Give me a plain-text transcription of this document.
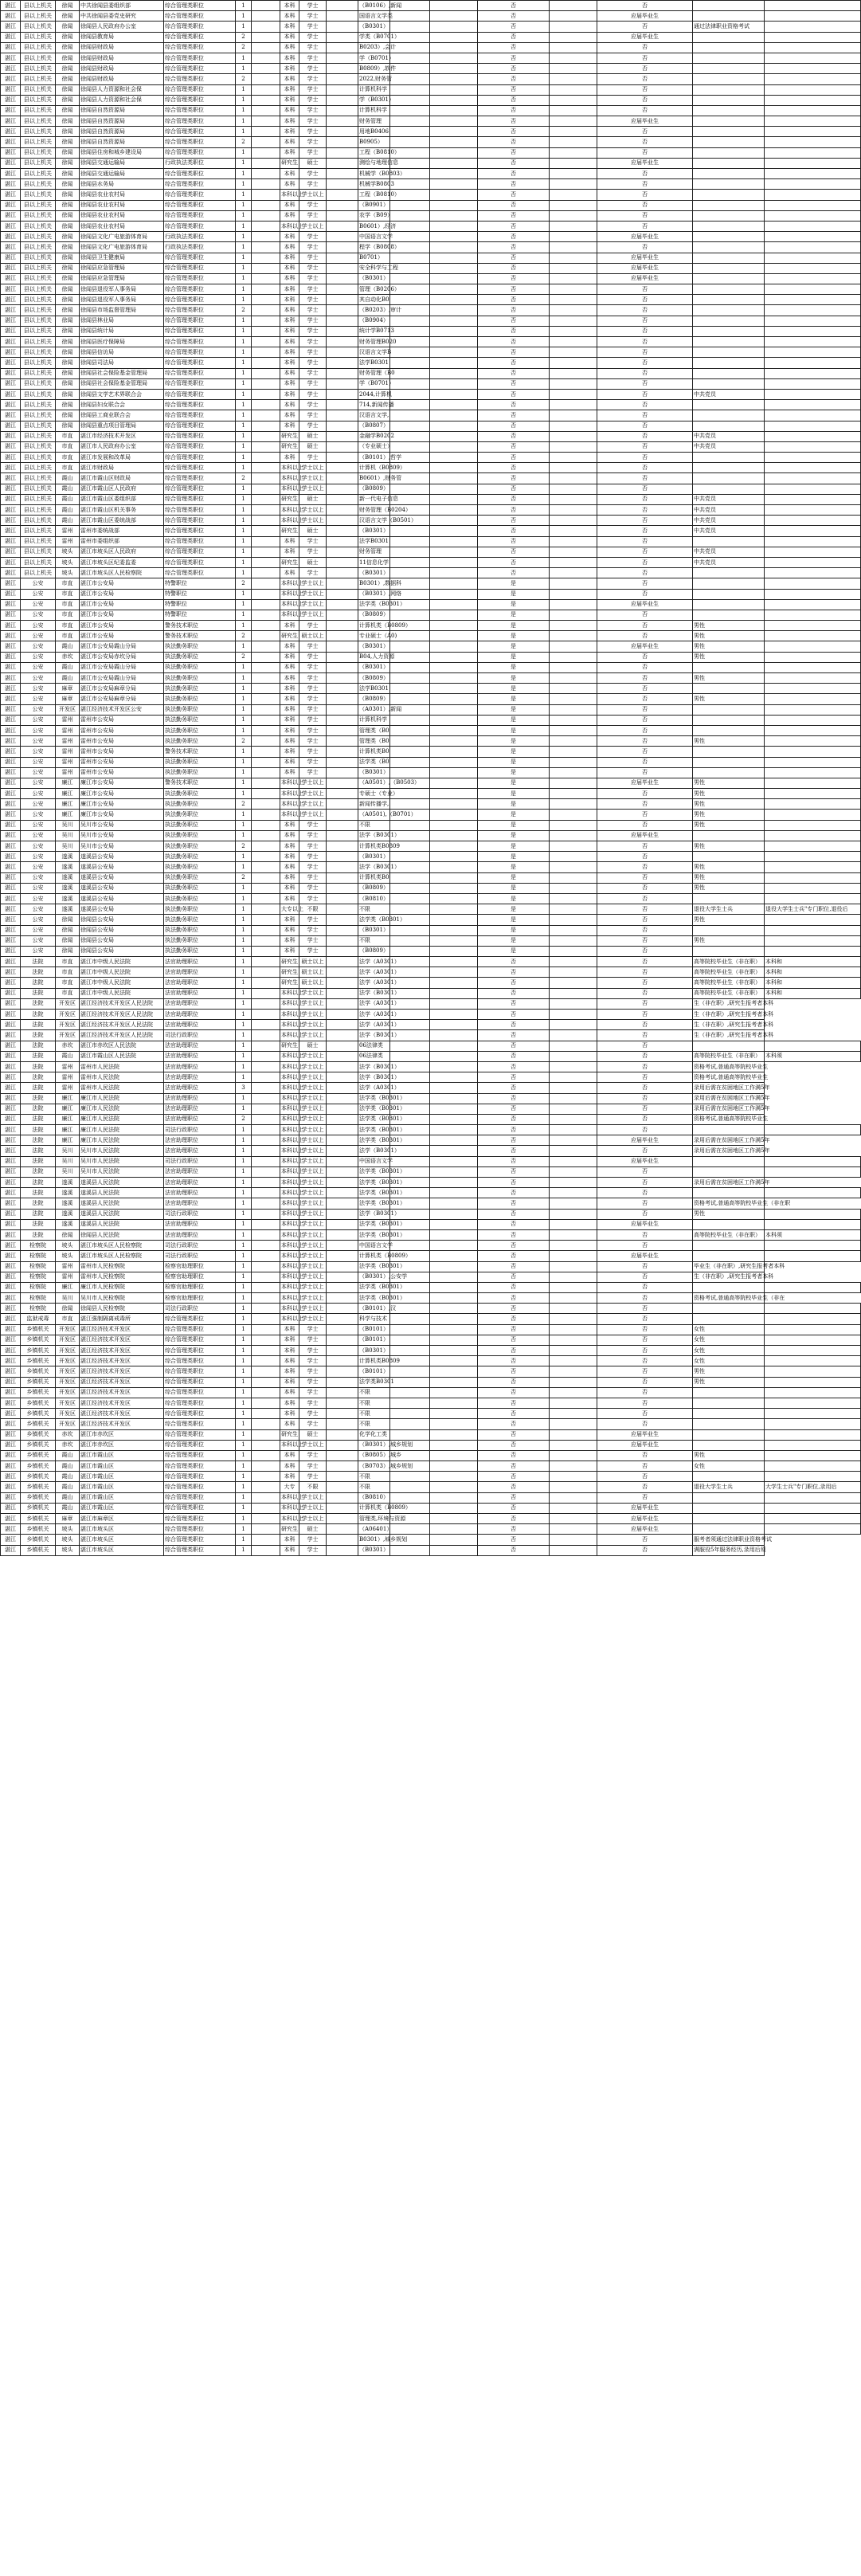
湛江	县以上机关	徐闻	中共徐闻县委组织部	综合管理类职位	1		本科	学士		（B0106）,新闻			否		否		
湛江	县以上机关	徐闻	中共徐闻县委党史研究	综合管理类职位	1		本科	学士		国语言文学类			否		应届毕业生		
湛江	县以上机关	徐闻	徐闻县人民政府办公室	综合管理类职位	1		本科	学士		（B0301）			否		否	通过法律职业资格考试	
湛江	县以上机关	徐闻	徐闻县教育局	综合管理类职位	2		本科	学士		学类（B0701）			否		应届毕业生		
湛江	县以上机关	徐闻	徐闻县财政局	综合管理类职位	2		本科	学士		B0203）,会计			否		否		
湛江	县以上机关	徐闻	徐闻县财政局	综合管理类职位	1		本科	学士		学（B0701）			否		否		
湛江	县以上机关	徐闻	徐闻县财政局	综合管理类职位	1		本科	学士		B0809）,软件			否		否		
湛江	县以上机关	徐闻	徐闻县财政局	综合管理类职位	2		本科	学士		2022,财务管			否		否		
湛江	县以上机关	徐闻	徐闻县人力资源和社会保	综合管理类职位	1		本科	学士		计算机科学			否		否		
湛江	县以上机关	徐闻	徐闻县人力资源和社会保	综合管理类职位	1		本科	学士		学（B0301）			否		否		
湛江	县以上机关	徐闻	徐闻县自然资源局	综合管理类职位	1		本科	学士		计算机科学			否		否		
湛江	县以上机关	徐闻	徐闻县自然资源局	综合管理类职位	1		本科	学士		财务管理			否		应届毕业生		
湛江	县以上机关	徐闻	徐闻县自然资源局	综合管理类职位	1		本科	学士		用地B0406			否		否		
湛江	县以上机关	徐闻	徐闻县自然资源局	综合管理类职位	2		本科	学士		B0905）			否		否		
湛江	县以上机关	徐闻	徐闻县住房和城乡建设局	综合管理类职位	1		本科	学士		工程（B0810）			否		否		
湛江	县以上机关	徐闻	徐闻县交通运输局	行政执法类职位	1		研究生	硕士		测绘与地理信息			否		应届毕业生		
湛江	县以上机关	徐闻	徐闻县交通运输局	综合管理类职位	1		本科	学士		机械学（B0803）			否		否		
湛江	县以上机关	徐闻	徐闻县水务局	综合管理类职位	1		本科	学士		机械学B0803			否		否		
湛江	县以上机关	徐闻	徐闻县农业农村局	综合管理类职位	1		本科以上	学士以上		工程（B0810）			否		否		
湛江	县以上机关	徐闻	徐闻县农业农村局	综合管理类职位	1		本科	学士		（B0901）			否		否		
湛江	县以上机关	徐闻	徐闻县农业农村局	综合管理类职位	1		本科	学士		农学（B09）			否		否		
湛江	县以上机关	徐闻	徐闻县农业农村局	综合管理类职位	1		本科以上	学士以上		B0601）,经济			否		否		
湛江	县以上机关	徐闻	徐闻县文化广电旅游体育局	行政执法类职位	1		本科	学士		中国语言文学			否		应届毕业生		
湛江	县以上机关	徐闻	徐闻县文化广电旅游体育局	行政执法类职位	1		本科	学士		程学（B0808）			否		否		
湛江	县以上机关	徐闻	徐闻县卫生健康局	综合管理类职位	1		本科	学士		B0701）			否		应届毕业生		
湛江	县以上机关	徐闻	徐闻县应急管理局	综合管理类职位	1		本科	学士		安全科学与工程			否		应届毕业生		
湛江	县以上机关	徐闻	徐闻县应急管理局	综合管理类职位	1		本科	学士		（B0301）			否		应届毕业生		
湛江	县以上机关	徐闻	徐闻县退役军人事务局	综合管理类职位	1		本科	学士		管理（B0206）			否		否		
湛江	县以上机关	徐闻	徐闻县退役军人事务局	综合管理类职位	1		本科	学士		其自动化B0			否		否		
湛江	县以上机关	徐闻	徐闻县市场监督管理局	综合管理类职位	2		本科	学士		（B0203）,审计			否		否		
湛江	县以上机关	徐闻	徐闻县林业局	综合管理类职位	1		本科	学士		（B0904）			否		否		
湛江	县以上机关	徐闻	徐闻县统计局	综合管理类职位	1		本科	学士		统计学B0713			否		否		
湛江	县以上机关	徐闻	徐闻县医疗保障局	综合管理类职位	1		本科	学士		财务管理B020			否		否		
湛江	县以上机关	徐闻	徐闻县信访局	综合管理类职位	1		本科	学士		汉语言文学B			否		否		
湛江	县以上机关	徐闻	徐闻县司法局	综合管理类职位	1		本科	学士		法学B0301			否		否		
湛江	县以上机关	徐闻	徐闻县社会保险基金管理局	综合管理类职位	1		本科	学士		财务管理（B0			否		否		
湛江	县以上机关	徐闻	徐闻县社会保险基金管理局	综合管理类职位	1		本科	学士		学（B0701）			否		否		
湛江	县以上机关	徐闻	徐闻县文学艺术界联合会	综合管理类职位	1		本科	学士		2044,计算机			否		否	中共党员	
湛江	县以上机关	徐闻	徐闻县妇女联合会	综合管理类职位	1		本科	学士		714,新闻传播			否		否		
湛江	县以上机关	徐闻	徐闻县工商业联合会	综合管理类职位	1		本科	学士		汉语言文学,			否		否		
湛江	县以上机关	徐闻	徐闻县重点项目管理局	综合管理类职位	1		本科	学士		（B0807）			否		否		
湛江	县以上机关	市直	湛江市经济技术开发区	综合管理类职位	1		研究生	硕士		金融学B0202			否		否	中共党员	
湛江	县以上机关	市直	湛江市人民政府办公室	综合管理类职位	1		研究生	硕士		（专业硕士）			否		否	中共党员	
湛江	县以上机关	市直	湛江市发展和改革局	综合管理类职位	1		本科	学士		（B0101）,哲学			否		否		
湛江	县以上机关	市直	湛江市财政局	综合管理类职位	1		本科以上	学士以上		计算机（B0809）			否		否		
湛江	县以上机关	霞山	湛江市霞山区财政局	综合管理类职位	2		本科以上	学士以上		B0601）,财务管			否		否		
湛江	县以上机关	霞山	湛江市霞山区人民政府	综合管理类职位	1		本科以上	学士以上		（B0809）			否		否		
湛江	县以上机关	霞山	湛江市霞山区委组织部	综合管理类职位	1		研究生	硕士		新一代电子信息			否		否	中共党员	
湛江	县以上机关	霞山	湛江市霞山区机关事务	综合管理类职位	1		本科以上	学士以上		财务管理（B0204）			否		否	中共党员	
湛江	县以上机关	霞山	湛江市霞山区委统战部	综合管理类职位	1		本科以上	学士以上		汉语言文学（B0501）			否		否	中共党员	
湛江	县以上机关	雷州	雷州市委统战部	综合管理类职位	1		研究生	硕士		（B0301）			否		否	中共党员	
湛江	县以上机关	雷州	雷州市委组织部	综合管理类职位	1		本科	学士		法学B0301			否		否		
湛江	县以上机关	坡头	湛江市坡头区人民政府	综合管理类职位	1		本科	学士		财务管理			否		否	中共党员	
湛江	县以上机关	坡头	湛江市坡头区纪委监委	综合管理类职位	1		研究生	硕士		11信息化学			否		否	中共党员	
湛江	县以上机关	坡头	湛江市坡头区人民检察院	综合管理类职位	1		本科	学士		（B0301）			否		否		
湛江	公安	市直	湛江市公安局	特警职位	2		本科以上	学士以上		B0301）,数据科			是		否		
湛江	公安	市直	湛江市公安局	特警职位	1		本科以上	学士以上		（B0301）,网络			是		否		
湛江	公安	市直	湛江市公安局	特警职位	1		本科以上	学士以上		法学类（B0301）			是		应届毕业生		
湛江	公安	市直	湛江市公安局	特警职位	1		本科以上	学士以上		（B0809）			是		否		
湛江	公安	市直	湛江市公安局	警务技术职位	1		本科	学士		计算机类（B0809）			是		否	男性	
湛江	公安	市直	湛江市公安局	警务技术职位	2		研究生	硕士以上		专业硕士（A0)			是		否	男性	
湛江	公安	霞山	湛江市公安局霞山分局	执法勤务职位	1		本科	学士		（B0301）			是		应届毕业生	男性	
湛江	公安	赤坎	湛江市公安局赤坎分局	执法勤务职位	2		本科	学士		B04,人力资源			是		否	男性	
湛江	公安	霞山	湛江市公安局霞山分局	执法勤务职位	1		本科	学士		（B0301）			是		否		
湛江	公安	霞山	湛江市公安局霞山分局	执法勤务职位	1		本科	学士		（B0809）			是		否	男性	
湛江	公安	麻章	湛江市公安局麻章分局	执法勤务职位	1		本科	学士		法学B0301			是		否		
湛江	公安	麻章	湛江市公安局麻章分局	执法勤务职位	1		本科	学士		（B0809）			是		否	男性	
湛江	公安	开发区	湛江经济技术开发区公安	执法勤务职位	1		本科	学士		（A0301）,新闻			是		否		
湛江	公安	雷州	雷州市公安局	执法勤务职位	1		本科	学士		计算机科学			是		否		
湛江	公安	雷州	雷州市公安局	执法勤务职位	1		本科	学士		管理类（B0			是		否		
湛江	公安	雷州	雷州市公安局	执法勤务职位	2		本科	学士		管理类（B0			是		否	男性	
湛江	公安	雷州	雷州市公安局	警务技术职位	1		本科	学士		计算机类B0			是		否		
湛江	公安	雷州	雷州市公安局	执法勤务职位	1		本科	学士		法学类（B0			是		否		
湛江	公安	雷州	雷州市公安局	执法勤务职位	1		本科	学士		（B0301）			是		否		
湛江	公安	廉江	廉江市公安局	警务技术职位	1		本科以上	学士以上		（A0501）,（B0503）			是		应届毕业生	男性	
湛江	公安	廉江	廉江市公安局	执法勤务职位	1		本科以上	学士以上		专硕士（专业）			是		否	男性	
湛江	公安	廉江	廉江市公安局	执法勤务职位	2		本科以上	学士以上		新闻传播学,			是		否	男性	
湛江	公安	廉江	廉江市公安局	执法勤务职位	1		本科以上	学士以上		（A0501),（B0701）			是		否	男性	
湛江	公安	吴川	吴川市公安局	执法勤务职位	1		本科	学士		不限			是		否	男性	
湛江	公安	吴川	吴川市公安局	执法勤务职位	1		本科	学士		法学（B0301）			是		应届毕业生		
湛江	公安	吴川	吴川市公安局	执法勤务职位	2		本科	学士		计算机类B0809			是		否	男性	
湛江	公安	遂溪	遂溪县公安局	执法勤务职位	1		本科	学士		（B0301）			是		否		
湛江	公安	遂溪	遂溪县公安局	执法勤务职位	1		本科	学士		法学（B0301）			是		否	男性	
湛江	公安	遂溪	遂溪县公安局	执法勤务职位	2		本科	学士		计算机类B0			是		否	男性	
湛江	公安	遂溪	遂溪县公安局	执法勤务职位	1		本科	学士		（B0809）			是		否	男性	
湛江	公安	遂溪	遂溪县公安局	执法勤务职位	1		本科	学士		（B0810）			是		否		
湛江	公安	遂溪	遂溪县公安局	执法勤务职位	1		大专以上	不限		不限			是		否	退役大学生士兵	退役大学生士兵"专门职位,退役后
湛江	公安	徐闻	徐闻县公安局	执法勤务职位	1		本科	学士		法学类（B0301）			是		否	男性	
湛江	公安	徐闻	徐闻县公安局	执法勤务职位	1		本科	学士		（B0301）			是		否		
湛江	公安	徐闻	徐闻县公安局	执法勤务职位	1		本科	学士		不限			是		否	男性	
湛江	公安	徐闻	徐闻县公安局	执法勤务职位	1		本科	学士		（B0809）			是		否		
湛江	法院	市直	湛江市中级人民法院	法官助理职位	1		研究生	硕士以上		法学（A0301）			否		否	高等院校毕业生（非在职）	本科和
湛江	法院	市直	湛江市中级人民法院	法官助理职位	1		研究生	硕士以上		法学（A0301）			否		否	高等院校毕业生（非在职）	本科和
湛江	法院	市直	湛江市中级人民法院	法官助理职位	1		研究生	硕士以上		法学（A0301）			否		否	高等院校毕业生（非在职）	本科和
湛江	法院	市直	湛江市中级人民法院	法官助理职位	1		本科以上	学士以上		法学（B0301）			否		否	高等院校毕业生（非在职）	本科和
湛江	法院	开发区	湛江经济技术开发区人民法院	法官助理职位	1		本科以上	学士以上		法学（A0301）			否		否	生（非在职）,研究生报考者本科	
湛江	法院	开发区	湛江经济技术开发区人民法院	法官助理职位	1		本科以上	学士以上		法学（A0301）			否		否	生（非在职）,研究生报考者本科	
湛江	法院	开发区	湛江经济技术开发区人民法院	法官助理职位	1		本科以上	学士以上		法学（A0301）			否		否	生（非在职）,研究生报考者本科	
湛江	法院	开发区	湛江经济技术开发区人民法院	司法行政职位	1		本科以上	学士以上		法学（B0301）			否		否	生（非在职）,研究生报考者本科	
湛江	法院	赤坎	湛江市赤坎区人民法院	法官助理职位	1		研究生	硕士		06法律类			否		否		
湛江	法院	霞山	湛江市霞山区人民法院	法官助理职位	1		本科以上	学士以上		06法律类			否		否	高等院校毕业生（非在职）	本科须
湛江	法院	雷州	雷州市人民法院	法官助理职位	1		本科以上	学士以上		法学（B0301）			否		否	资格考试,普通高等院校毕业生	
湛江	法院	雷州	雷州市人民法院	法官助理职位	1		本科以上	学士以上		法学（B0301）			否		否	资格考试,普通高等院校毕业生	
湛江	法院	雷州	雷州市人民法院	法官助理职位	3		本科以上	学士以上		法学（A0301）			否		否	录用后需在贫困地区工作满5年	
湛江	法院	廉江	廉江市人民法院	法官助理职位	1		本科以上	学士以上		法学类（B0301）			否		否	录用后需在贫困地区工作满5年	
湛江	法院	廉江	廉江市人民法院	法官助理职位	1		本科以上	学士以上		法学类（B0301）			否		否	录用后需在贫困地区工作满5年	
湛江	法院	廉江	廉江市人民法院	法官助理职位	2		本科以上	学士以上		法学类（B0301）			否		否	资格考试,普通高等院校毕业生	
湛江	法院	廉江	廉江市人民法院	司法行政职位	1		本科以上	学士以上		法学类（B0301）			否		否		
湛江	法院	廉江	廉江市人民法院	法官助理职位	1		本科以上	学士以上		法学类（B0301）			否		应届毕业生	录用后需在贫困地区工作满5年	
湛江	法院	吴川	吴川市人民法院	法官助理职位	1		本科以上	学士以上		法学（B0301）			否		否	录用后需在贫困地区工作满5年	
湛江	法院	吴川	吴川市人民法院	司法行政职位	1		本科以上	学士以上		中国语言文学			否		应届毕业生		
湛江	法院	吴川	吴川市人民法院	法官助理职位	1		本科以上	学士以上		法学类（B0301）			否		否		
湛江	法院	遂溪	遂溪县人民法院	法官助理职位	1		本科以上	学士以上		法学类（B0301）			否		否	录用后需在贫困地区工作满5年	
湛江	法院	遂溪	遂溪县人民法院	法官助理职位	1		本科以上	学士以上		法学类（B0301）			否		否		
湛江	法院	遂溪	遂溪县人民法院	法官助理职位	1		本科以上	学士以上		法学类（B0301）			否		否	资格考试,普通高等院校毕业生（非在职	
湛江	法院	遂溪	遂溪县人民法院	司法行政职位	1		本科以上	学士以上		法学（B0301）			否		否	男性	
湛江	法院	遂溪	遂溪县人民法院	法官助理职位	1		本科以上	学士以上		法学类（B0301）			否		应届毕业生		
湛江	法院	徐闻	徐闻县人民法院	法官助理职位	1		本科以上	学士以上		法学类（B0301）			否		否	高等院校毕业生（非在职）	本科须
湛江	检察院	坡头	湛江市坡头区人民检察院	司法行政职位	1		本科以上	学士以上		中国语言文学			否		否		
湛江	检察院	坡头	湛江市坡头区人民检察院	司法行政职位	1		本科以上	学士以上		计算机类（B0809）			否		应届毕业生		
湛江	检察院	雷州	雷州市人民检察院	检察官助理职位	1		本科以上	学士以上		法学类（B0301）			否		否	毕业生（非在职）,研究生报考者本科	
湛江	检察院	雷州	雷州市人民检察院	检察官助理职位	1		本科以上	学士以上		（B0301）,公安学			否		否	生（非在职）,研究生报考者本科	
湛江	检察院	廉江	廉江市人民检察院	检察官助理职位	1		本科以上	学士以上		法学类（B0301）			否		否		
湛江	检察院	吴川	吴川市人民检察院	检察官助理职位	1		本科以上	学士以上		法学类（B0301）			否		否	资格考试,普通高等院校毕业生（非在	
湛江	检察院	徐闻	徐闻县人民检察院	司法行政职位	1		本科以上	学士以上		（B0101）,汉			否		否		
湛江	监狱戒毒	市直	湛江强制隔离戒毒所	综合管理类职位	1		本科以上	学士以上		科学与技术			否		否		
湛江	乡镇机关	开发区	湛江经济技术开发区	综合管理类职位	1		本科	学士		（B0101）			否		否	女性	
湛江	乡镇机关	开发区	湛江经济技术开发区	综合管理类职位	1		本科	学士		（B0101）			否		否	女性	
湛江	乡镇机关	开发区	湛江经济技术开发区	综合管理类职位	1		本科	学士		（B0301）			否		否	女性	
湛江	乡镇机关	开发区	湛江经济技术开发区	综合管理类职位	1		本科	学士		计算机类B0809			否		否	女性	
湛江	乡镇机关	开发区	湛江经济技术开发区	综合管理类职位	1		本科	学士		（B0101）			否		否	男性	
湛江	乡镇机关	开发区	湛江经济技术开发区	综合管理类职位	1		本科	学士		法学类B0301			否		否	男性	
湛江	乡镇机关	开发区	湛江经济技术开发区	综合管理类职位	1		本科	学士		不限			否		否		
湛江	乡镇机关	开发区	湛江经济技术开发区	综合管理类职位	1		本科	学士		不限			否		否		
湛江	乡镇机关	开发区	湛江经济技术开发区	综合管理类职位	1		本科	学士		不限			否		否		
湛江	乡镇机关	开发区	湛江经济技术开发区	综合管理类职位	1		本科	学士		不限			否		否		
湛江	乡镇机关	赤坎	湛江市赤坎区	综合管理类职位	1		研究生	硕士		化学化工类			否		应届毕业生		
湛江	乡镇机关	赤坎	湛江市赤坎区	综合管理类职位	1		本科以上	学士以上		（B0301）,城乡规划			否		应届毕业生		
湛江	乡镇机关	霞山	湛江市霞山区	综合管理类职位	1		本科	学士		（B0805）,城乡			否		否	男性	
湛江	乡镇机关	霞山	湛江市霞山区	综合管理类职位	1		本科	学士		（B0703）,城乡规划			否		否	女性	
湛江	乡镇机关	霞山	湛江市霞山区	综合管理类职位	1		本科	学士		不限			否		否		
湛江	乡镇机关	霞山	湛江市霞山区	综合管理类职位	1		大专	不限		不限			否		否	退役大学生士兵	大学生士兵"专门职位,录用后
湛江	乡镇机关	霞山	湛江市霞山区	综合管理类职位	1		本科以上	学士以上		（B0810）			否		否		
湛江	乡镇机关	霞山	湛江市霞山区	综合管理类职位	1		本科以上	学士以上		计算机类（B0809）			否		应届毕业生		
湛江	乡镇机关	麻章	湛江市麻章区	综合管理类职位	1		本科以上	学士以上		管理类,环境与资源			否		应届毕业生		
湛江	乡镇机关	坡头	湛江市坡头区	综合管理类职位	1		研究生	硕士		（A06401）			否		应届毕业生		
湛江	乡镇机关	坡头	湛江市坡头区	综合管理类职位	1		本科	学士		B0301）,城乡规划			否		否	服考者须通过法律职业资格考试	
湛江	乡镇机关	坡头	湛江市坡头区	综合管理类职位	1		本科	学士		（B0301）			否		否	满服役5年服务经历,录用后须	
